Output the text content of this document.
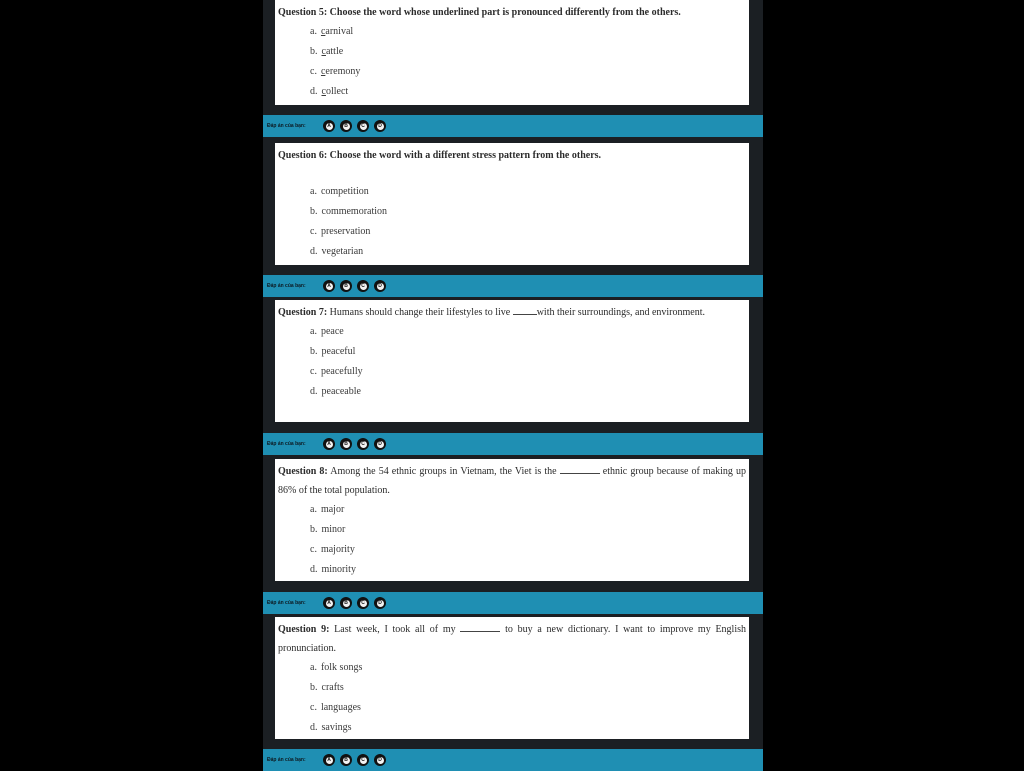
Question 5: Choose the word whose underlined part is pronounced differently from the others.

a. carnival
b. cattle
c. ceremony
d. collect
Đáp án của bạn:	A	B	C	D

Question 6: Choose the word with a different stress pattern from the others.

a. competition
b. commemoration
c. preservation
d. vegetarian
Đáp án của bạn:	A	B	C	D

Question 7: Humans should change their lifestyles to live with their surroundings, and environment.

a. peace
b. peaceful
c. peacefully
d. peaceable
Đáp án của bạn:	A	B	C	D

Question 8: Among the 54 ethnic groups in Vietnam, the Viet is the	ethnic group because of making up 86% of the total population.

a. major
b. minor
c. majority
d. minority
Đáp án của bạn:	A	B	C	D

Question 9: Last week, I took all of my	to buy a new dictionary. I want to improve my English pronunciation.

a. folk songs
b. crafts
c. languages
d. savings
Đáp án của bạn:	A	B	C	D
